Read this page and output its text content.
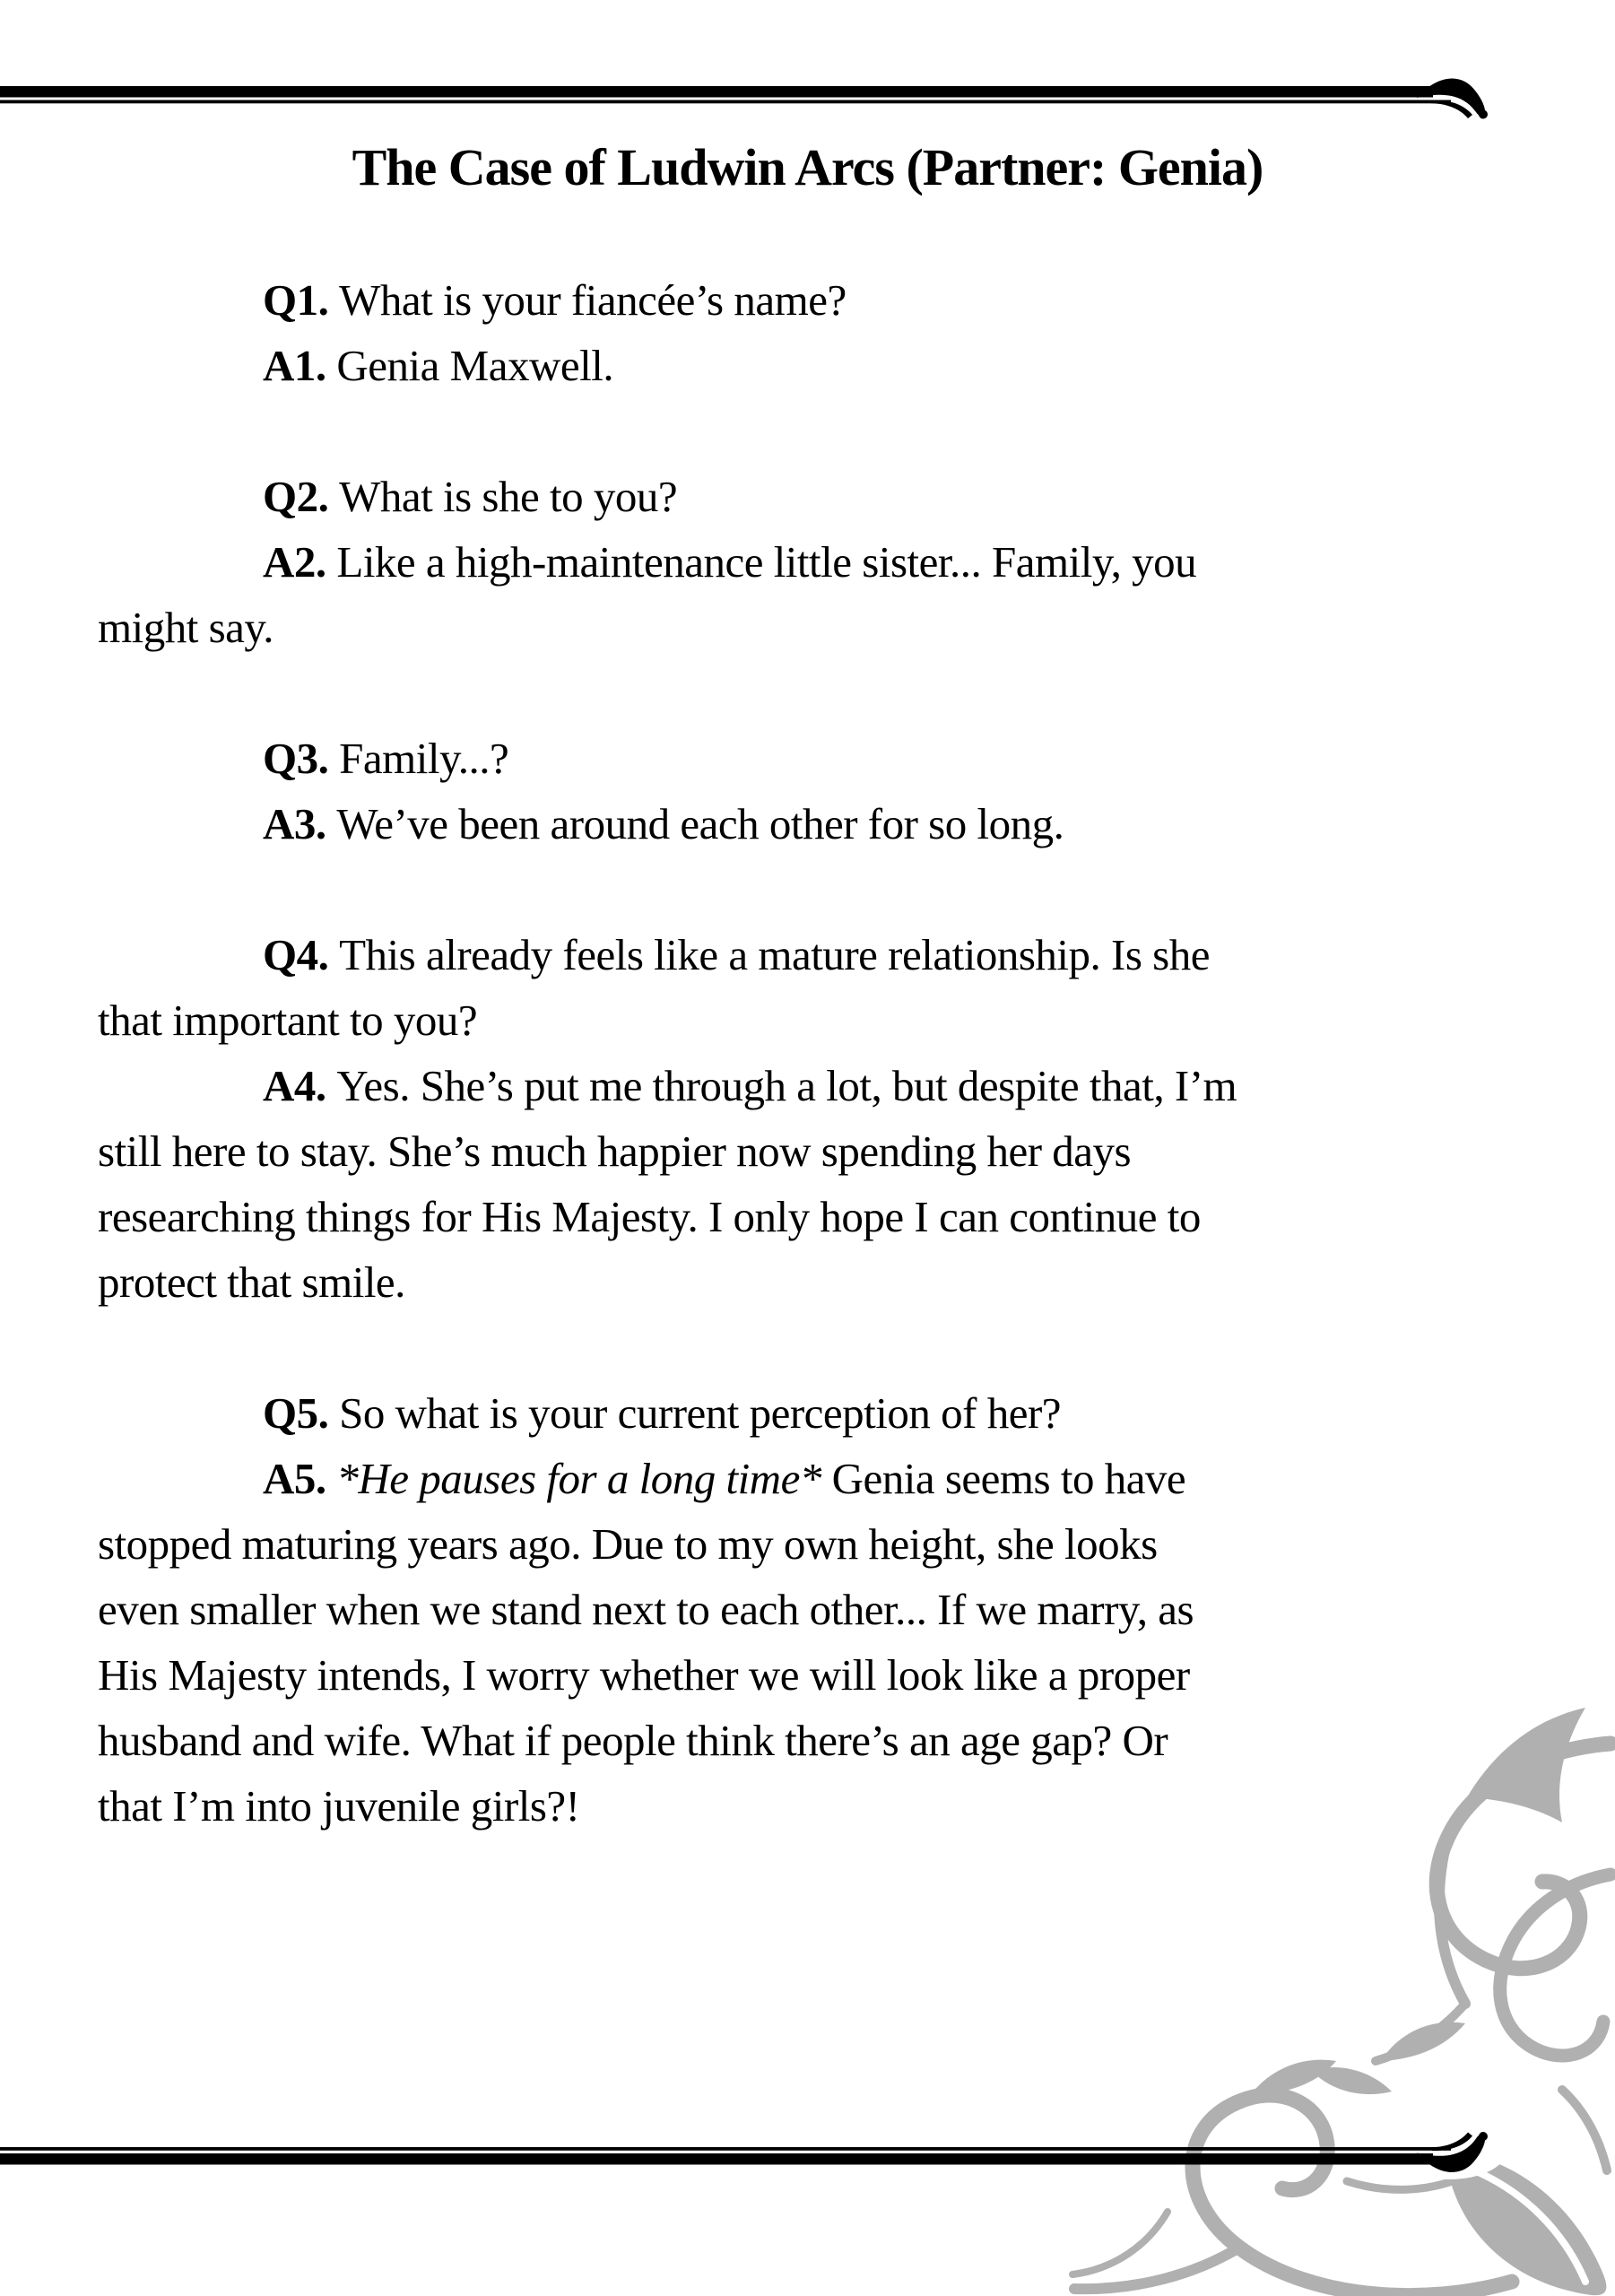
The Case of Ludwin Arcs (Partner: Genia)
Q1. What is your fiancée’s name?
A1. Genia Maxwell.
Q2. What is she to you?
A2. Like a high-maintenance little sister... Family, you
might say.
Q3. Family...?
A3. We’ve been around each other for so long.
Q4. This already feels like a mature relationship. Is she
that important to you?
A4. Yes. She’s put me through a lot, but despite that, I’m
still here to stay. She’s much happier now spending her days
researching things for His Majesty. I only hope I can continue to
protect that smile.
Q5. So what is your current perception of her?
A5. *He pauses for a long time* Genia seems to have
stopped maturing years ago. Due to my own height, she looks
even smaller when we stand next to each other... If we marry, as
His Majesty intends, I worry whether we will look like a proper
husband and wife. What if people think there’s an age gap? Or
that I’m into juvenile girls?!
